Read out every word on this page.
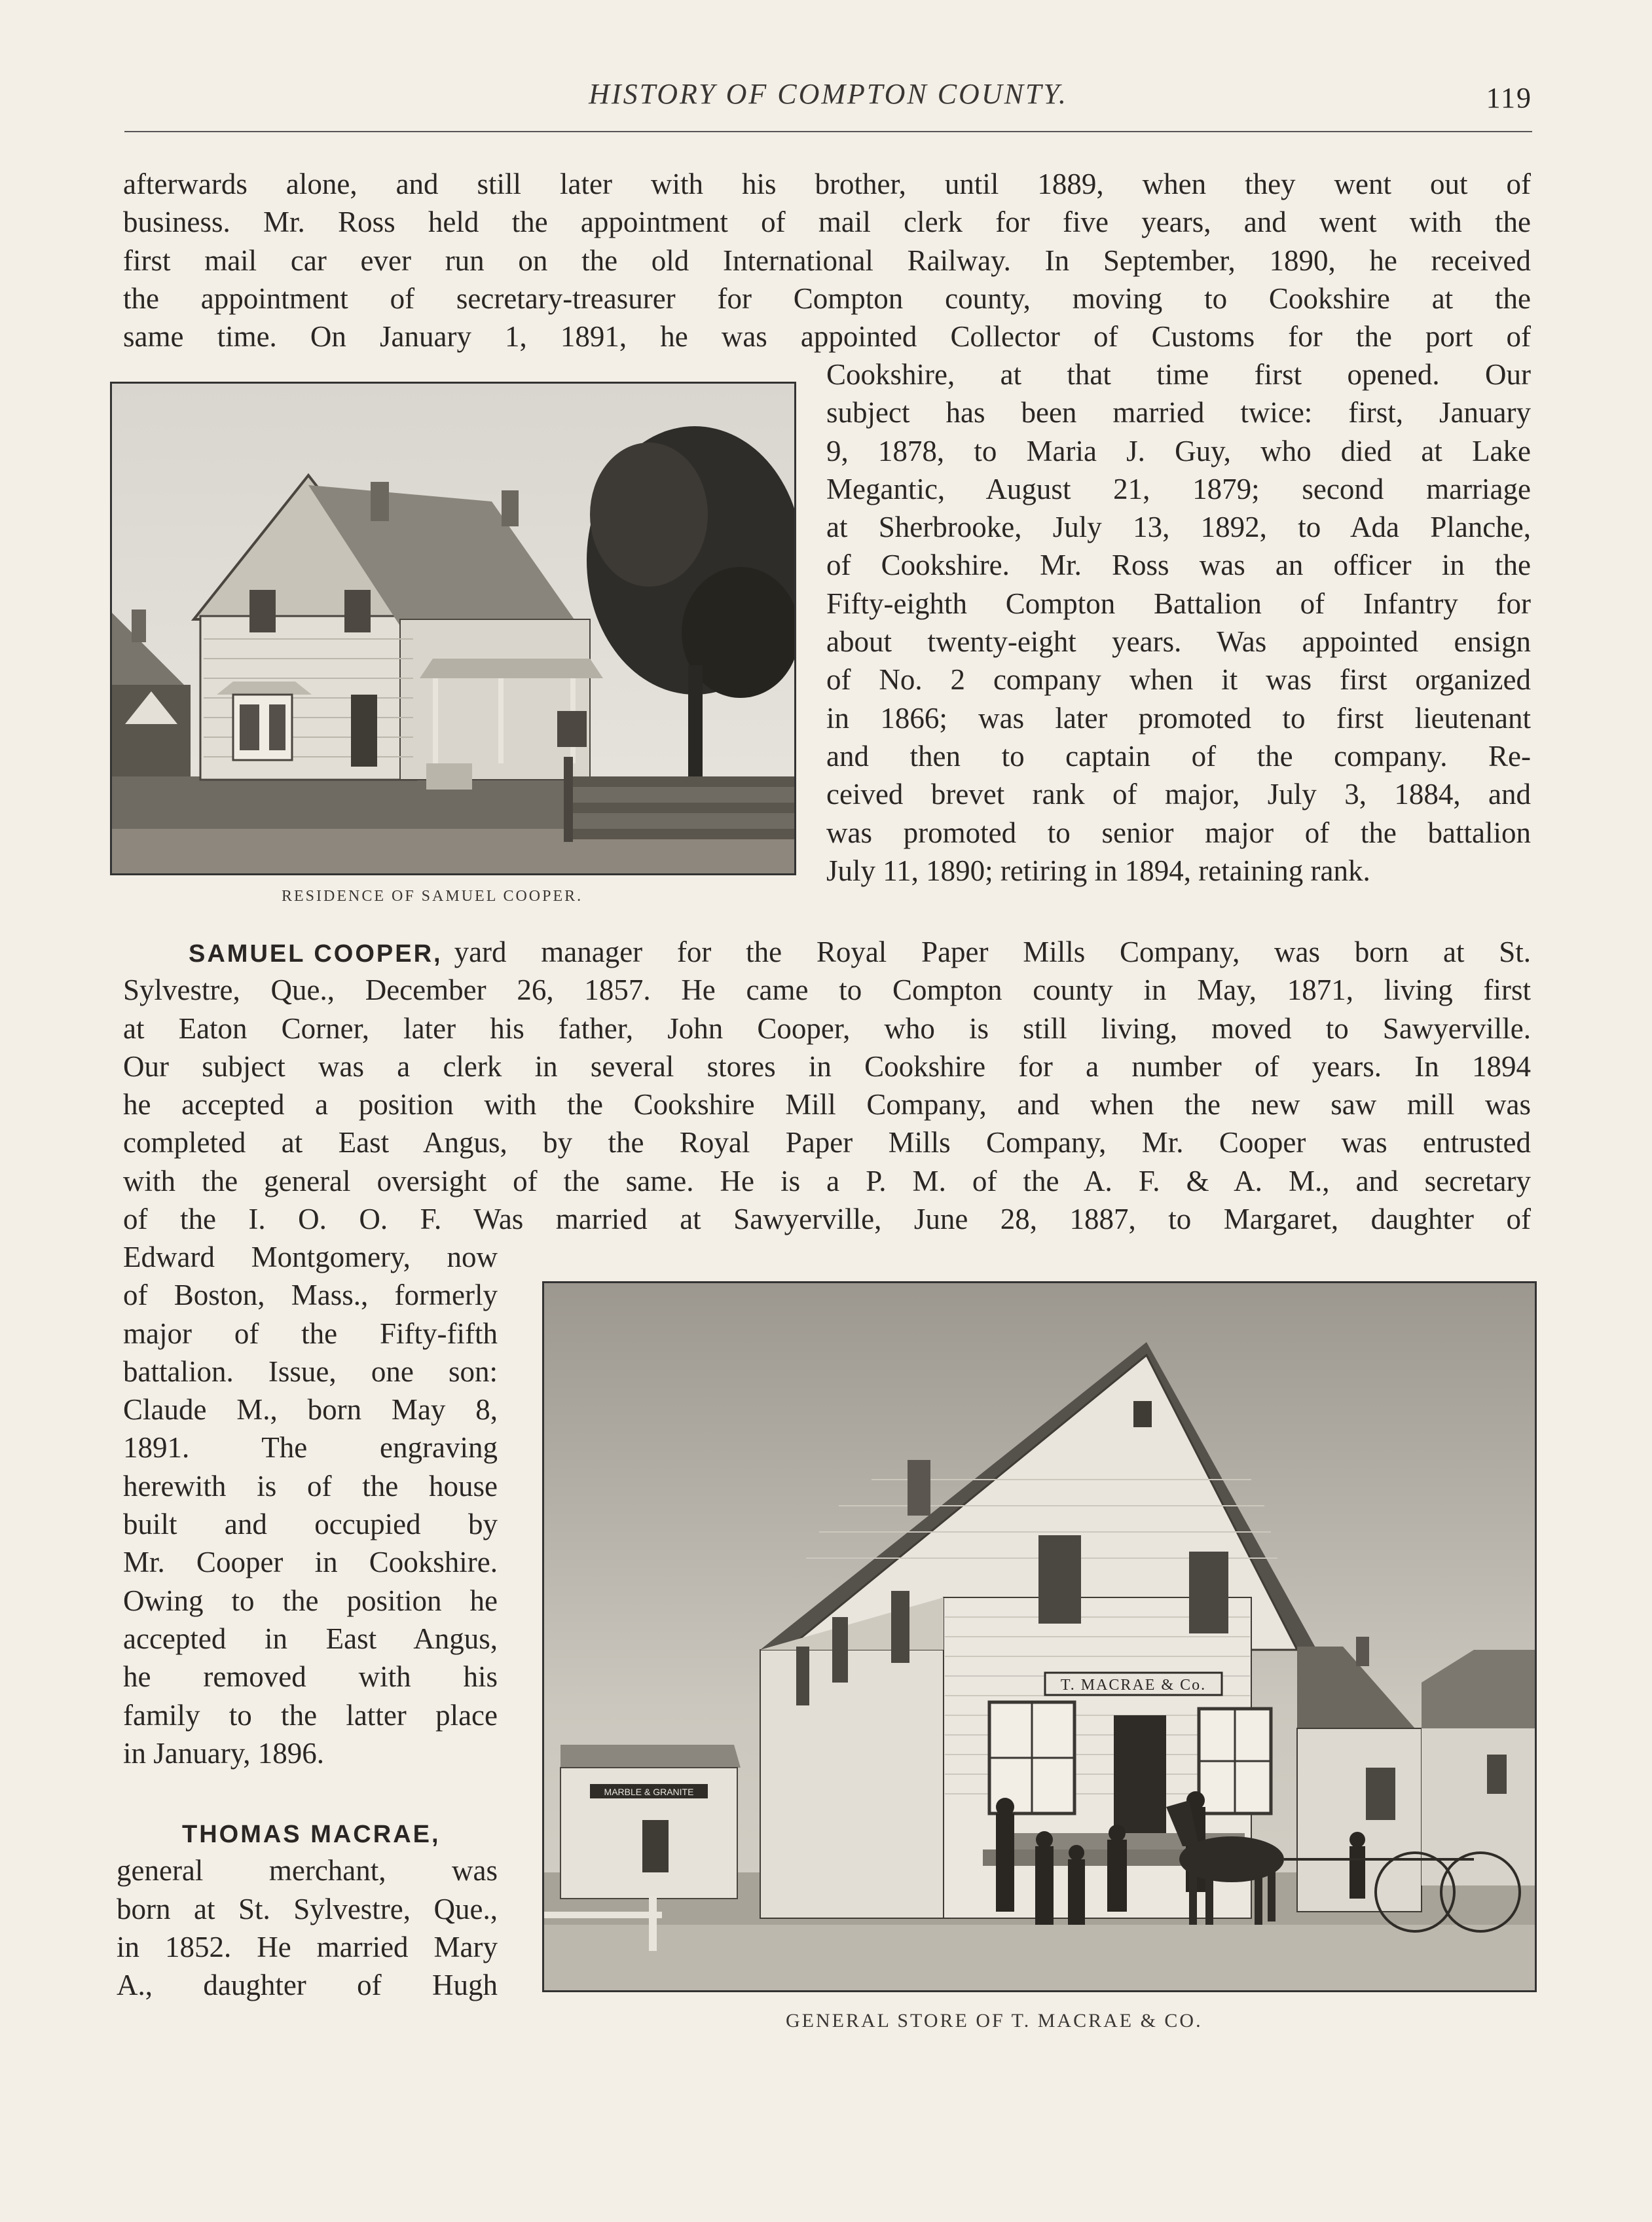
HISTORY OF COMPTON COUNTY.	119
afterwards alone, and still later with his brother, until 1889, when they went out of
business. Mr. Ross held the appointment of mail clerk for five years, and went with the
first mail car ever run on the old International Railway. In September, 1890, he received
the appointment of secretary-treasurer for Compton county, moving to Cookshire at the
same time. On January 1, 1891, he was appointed Collector of Customs for the port of
RESIDENCE OF SAMUEL COOPER.
Cookshire, at that time first opened. Our
subject has been married twice: first, January
9, 1878, to Maria J. Guy, who died at Lake
Megantic, August 21, 1879; second marriage
at Sherbrooke, July 13, 1892, to Ada Planche,
of Cookshire. Mr. Ross was an officer in the
Fifty-eighth Compton Battalion of Infantry for
about twenty-eight years. Was appointed ensign
of No. 2 company when it was first organized
in 1866; was later promoted to first lieutenant
and then to captain of the company. Re-
ceived brevet rank of major, July 3, 1884, and
was promoted to senior major of the battalion
July 11, 1890; retiring in 1894, retaining rank.
SAMUEL COOPER, yard manager for the Royal Paper Mills Company, was born at St.
Sylvestre, Que., December 26, 1857. He came to Compton county in May, 1871, living first
at Eaton Corner, later his father, John Cooper, who is still living, moved to Sawyerville.
Our subject was a clerk in several stores in Cookshire for a number of years. In 1894
he accepted a position with the Cookshire Mill Company, and when the new saw mill was
completed at East Angus, by the Royal Paper Mills Company, Mr. Cooper was entrusted
with the general oversight of the same. He is a P. M. of the A. F. & A. M., and secretary
of the I. O. O. F. Was married at Sawyerville, June 28, 1887, to Margaret, daughter of
Edward Montgomery, now
of Boston, Mass., formerly
major of the Fifty-fifth
battalion. Issue, one son:
Claude M., born May 8,
1891. The engraving
herewith is of the house
built and occupied by
Mr. Cooper in Cookshire.
Owing to the position he
accepted in East Angus,
he removed with his
family to the latter place
in January, 1896.
THOMAS MACRAE,
general merchant, was
born at St. Sylvestre, Que.,
in 1852. He married Mary
A., daughter of Hugh
MARBLE & GRANITE
T. MACRAE & Co.
GENERAL STORE OF T. MACRAE & CO.
